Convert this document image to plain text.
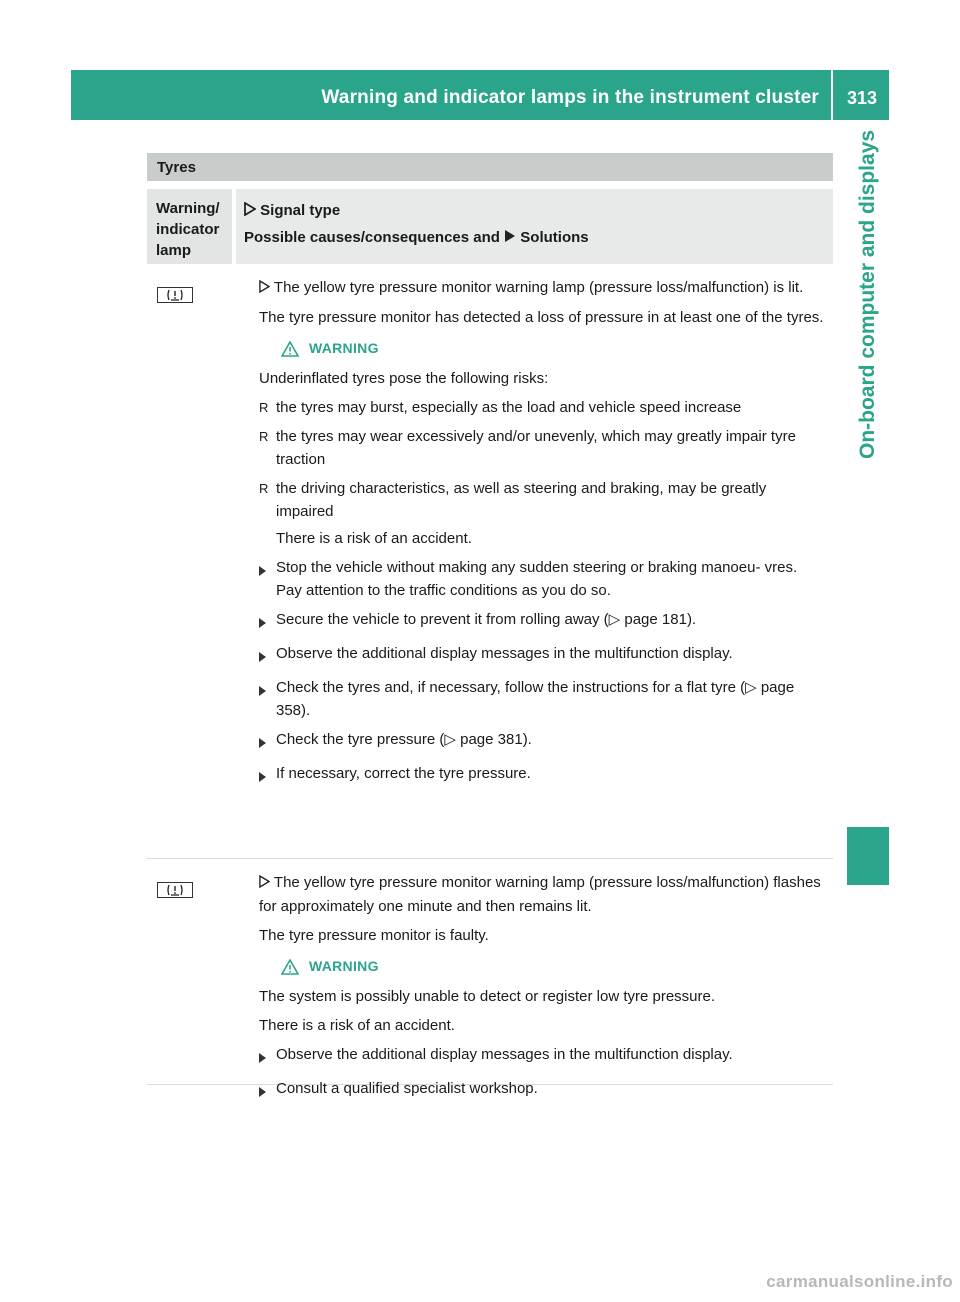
Warning and indicator lamps in the instrument cluster	313
On-board computer and displays
Tyres
Warning/ indicator lamp
Signal type
Possible causes/consequences and  Solutions

The yellow tyre pressure monitor warning lamp (pressure loss/malfunction) is lit.

The tyre pressure monitor has detected a loss of pressure in at least one of the tyres.

WARNING

Underinflated tyres pose the following risks:

R the tyres may burst, especially as the load and vehicle speed increase
R the tyres may wear excessively and/or unevenly, which may greatly impair tyre traction
R the driving characteristics, as well as steering and braking, may be greatly impaired

There is a risk of an accident.

Stop the vehicle without making any sudden steering or braking manoeu- vres. Pay attention to the traffic conditions as you do so.
Secure the vehicle to prevent it from rolling away (▷ page 181).
Observe the additional display messages in the multifunction display.
Check the tyres and, if necessary, follow the instructions for a flat tyre (▷ page 358).
Check the tyre pressure (▷ page 381).
If necessary, correct the tyre pressure.

The yellow tyre pressure monitor warning lamp (pressure loss/malfunction) flashes for approximately one minute and then remains lit.

The tyre pressure monitor is faulty.

WARNING

The system is possibly unable to detect or register low tyre pressure.

There is a risk of an accident.

Observe the additional display messages in the multifunction display.
Consult a qualified specialist workshop.
carmanualsonline.info
